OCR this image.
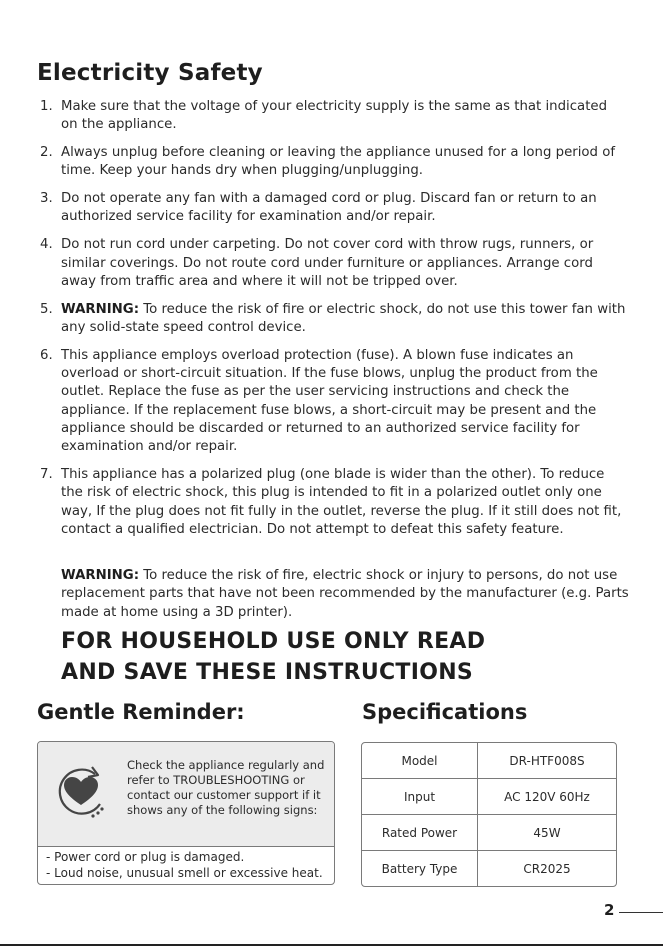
Electricity Safety
1. Make sure that the voltage of your electricity supply is the same as that indicated on the appliance.
2. Always unplug before cleaning or leaving the appliance unused for a long period of time. Keep your hands dry when plugging/unplugging.
3. Do not operate any fan with a damaged cord or plug. Discard fan or return to an authorized service facility for examination and/or repair.
4. Do not run cord under carpeting. Do not cover cord with throw rugs, runners, or similar coverings. Do not route cord under furniture or appliances. Arrange cord away from traffic area and where it will not be tripped over.
5. WARNING: To reduce the risk of fire or electric shock, do not use this tower fan with any solid-state speed control device.
6. This appliance employs overload protection (fuse). A blown fuse indicates an overload or short-circuit situation. If the fuse blows, unplug the product from the outlet. Replace the fuse as per the user servicing instructions and check the appliance. If the replacement fuse blows, a short-circuit may be present and the appliance should be discarded or returned to an authorized service facility for examination and/or repair.
7. This appliance has a polarized plug (one blade is wider than the other). To reduce the risk of electric shock, this plug is intended to fit in a polarized outlet only one way, If the plug does not fit fully in the outlet, reverse the plug. If it still does not fit, contact a qualified electrician. Do not attempt to defeat this safety feature.
WARNING: To reduce the risk of fire, electric shock or injury to persons, do not use replacement parts that have not been recommended by the manufacturer (e.g. Parts made at home using a 3D printer).
FOR HOUSEHOLD USE ONLY READ
AND SAVE THESE INSTRUCTIONS
Gentle Reminder:	Specifications
Check the appliance regularly and refer to TROUBLESHOOTING or contact our customer support if it shows any of the following signs:
- Power cord or plug is damaged.
- Loud noise, unusual smell or excessive heat.
Model	DR-HTF008S
Input	AC 120V 60Hz
Rated Power	45W
Battery Type	CR2025
2
